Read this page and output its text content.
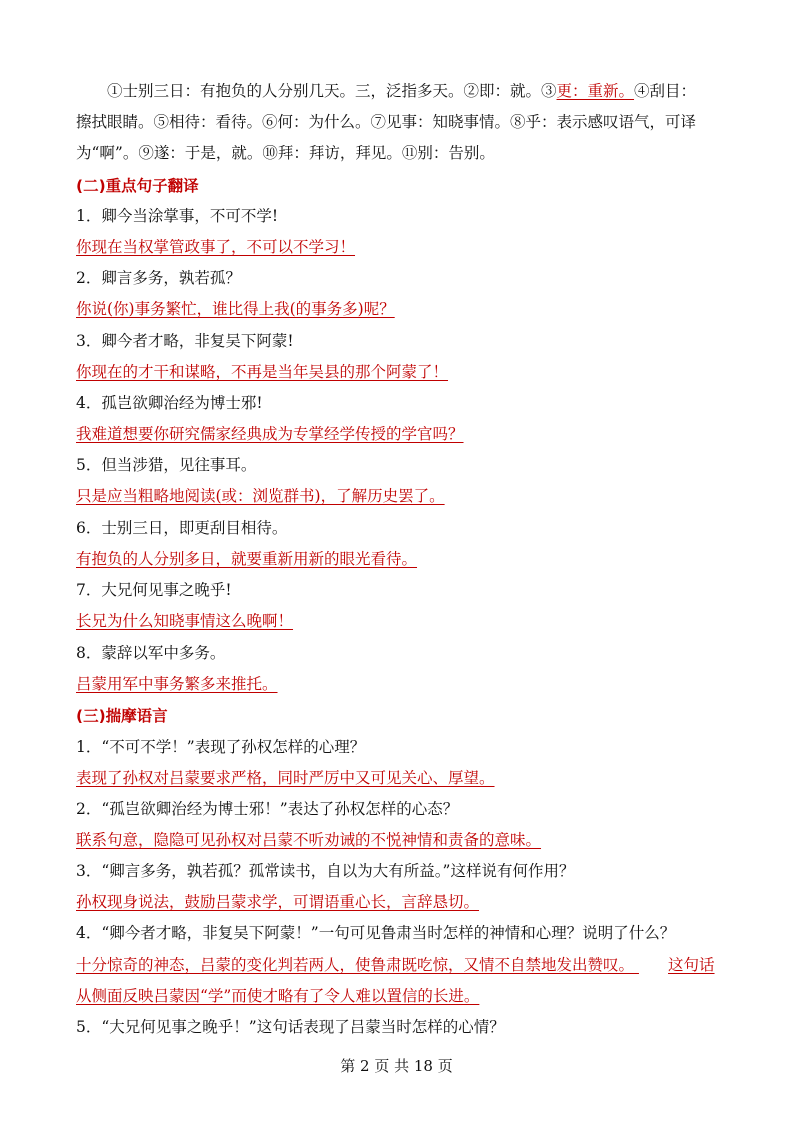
①士别三日：有抱负的人分别几天。三，泛指多天。②即：就。③更：重新。④刮目：
擦拭眼睛。⑤相待：看待。⑥何：为什么。⑦见事：知晓事情。⑧乎：表示感叹语气，可译
为“啊”。⑨遂：于是，就。⑩拜：拜访，拜见。⑪别：告别。
(二)重点句子翻译
1．卿今当涂掌事，不可不学!
你现在当权掌管政事了，不可以不学习！
2．卿言多务，孰若孤？
你说(你)事务繁忙，谁比得上我(的事务多)呢？
3．卿今者才略，非复吴下阿蒙!
你现在的才干和谋略，不再是当年吴县的那个阿蒙了！
4．孤岂欲卿治经为博士邪!
我难道想要你研究儒家经典成为专掌经学传授的学官吗？
5．但当涉猎，见往事耳。
只是应当粗略地阅读(或：浏览群书)，了解历史罢了。
6．士别三日，即更刮目相待。
有抱负的人分别多日，就要重新用新的眼光看待。
7．大兄何见事之晚乎!
长兄为什么知晓事情这么晚啊！
8．蒙辞以军中多务。
吕蒙用军中事务繁多来推托。
(三)揣摩语言
1．“不可不学！”表现了孙权怎样的心理？
表现了孙权对吕蒙要求严格，同时严厉中又可见关心、厚望。
2．“孤岂欲卿治经为博士邪！”表达了孙权怎样的心态？
联系句意，隐隐可见孙权对吕蒙不听劝诫的不悦神情和责备的意味。
3．“卿言多务，孰若孤？孤常读书，自以为大有所益。”这样说有何作用？
孙权现身说法，鼓励吕蒙求学，可谓语重心长，言辞恳切。
4．“卿今者才略，非复吴下阿蒙！”一句可见鲁肃当时怎样的神情和心理？说明了什么？
十分惊奇的神态，吕蒙的变化判若两人，使鲁肃既吃惊，又情不自禁地发出赞叹。 这句话
从侧面反映吕蒙因“学”而使才略有了令人难以置信的长进。
5．“大兄何见事之晚乎！”这句话表现了吕蒙当时怎样的心情？
第 2 页 共 18 页
